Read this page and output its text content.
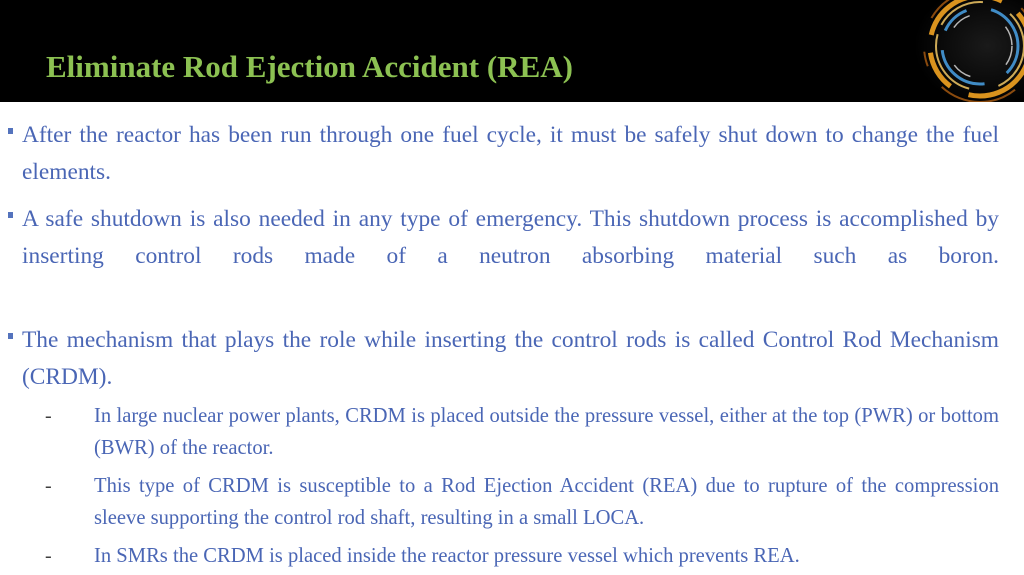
Eliminate Rod Ejection Accident (REA)
After the reactor has been run through one fuel cycle, it must be safely shut down to change the fuel elements.
A safe shutdown is also needed in any type of emergency. This shutdown process is accomplished by inserting control rods made of a neutron absorbing material such as boron.
The mechanism that plays the role while inserting the control rods is called Control Rod Mechanism (CRDM).
- In large nuclear power plants, CRDM is placed outside the pressure vessel, either at the top (PWR) or bottom (BWR) of the reactor.
- This type of CRDM is susceptible to a Rod Ejection Accident (REA) due to rupture of the compression sleeve supporting the control rod shaft, resulting in a small LOCA.
- In SMRs the CRDM is placed inside the reactor pressure vessel which prevents REA.
